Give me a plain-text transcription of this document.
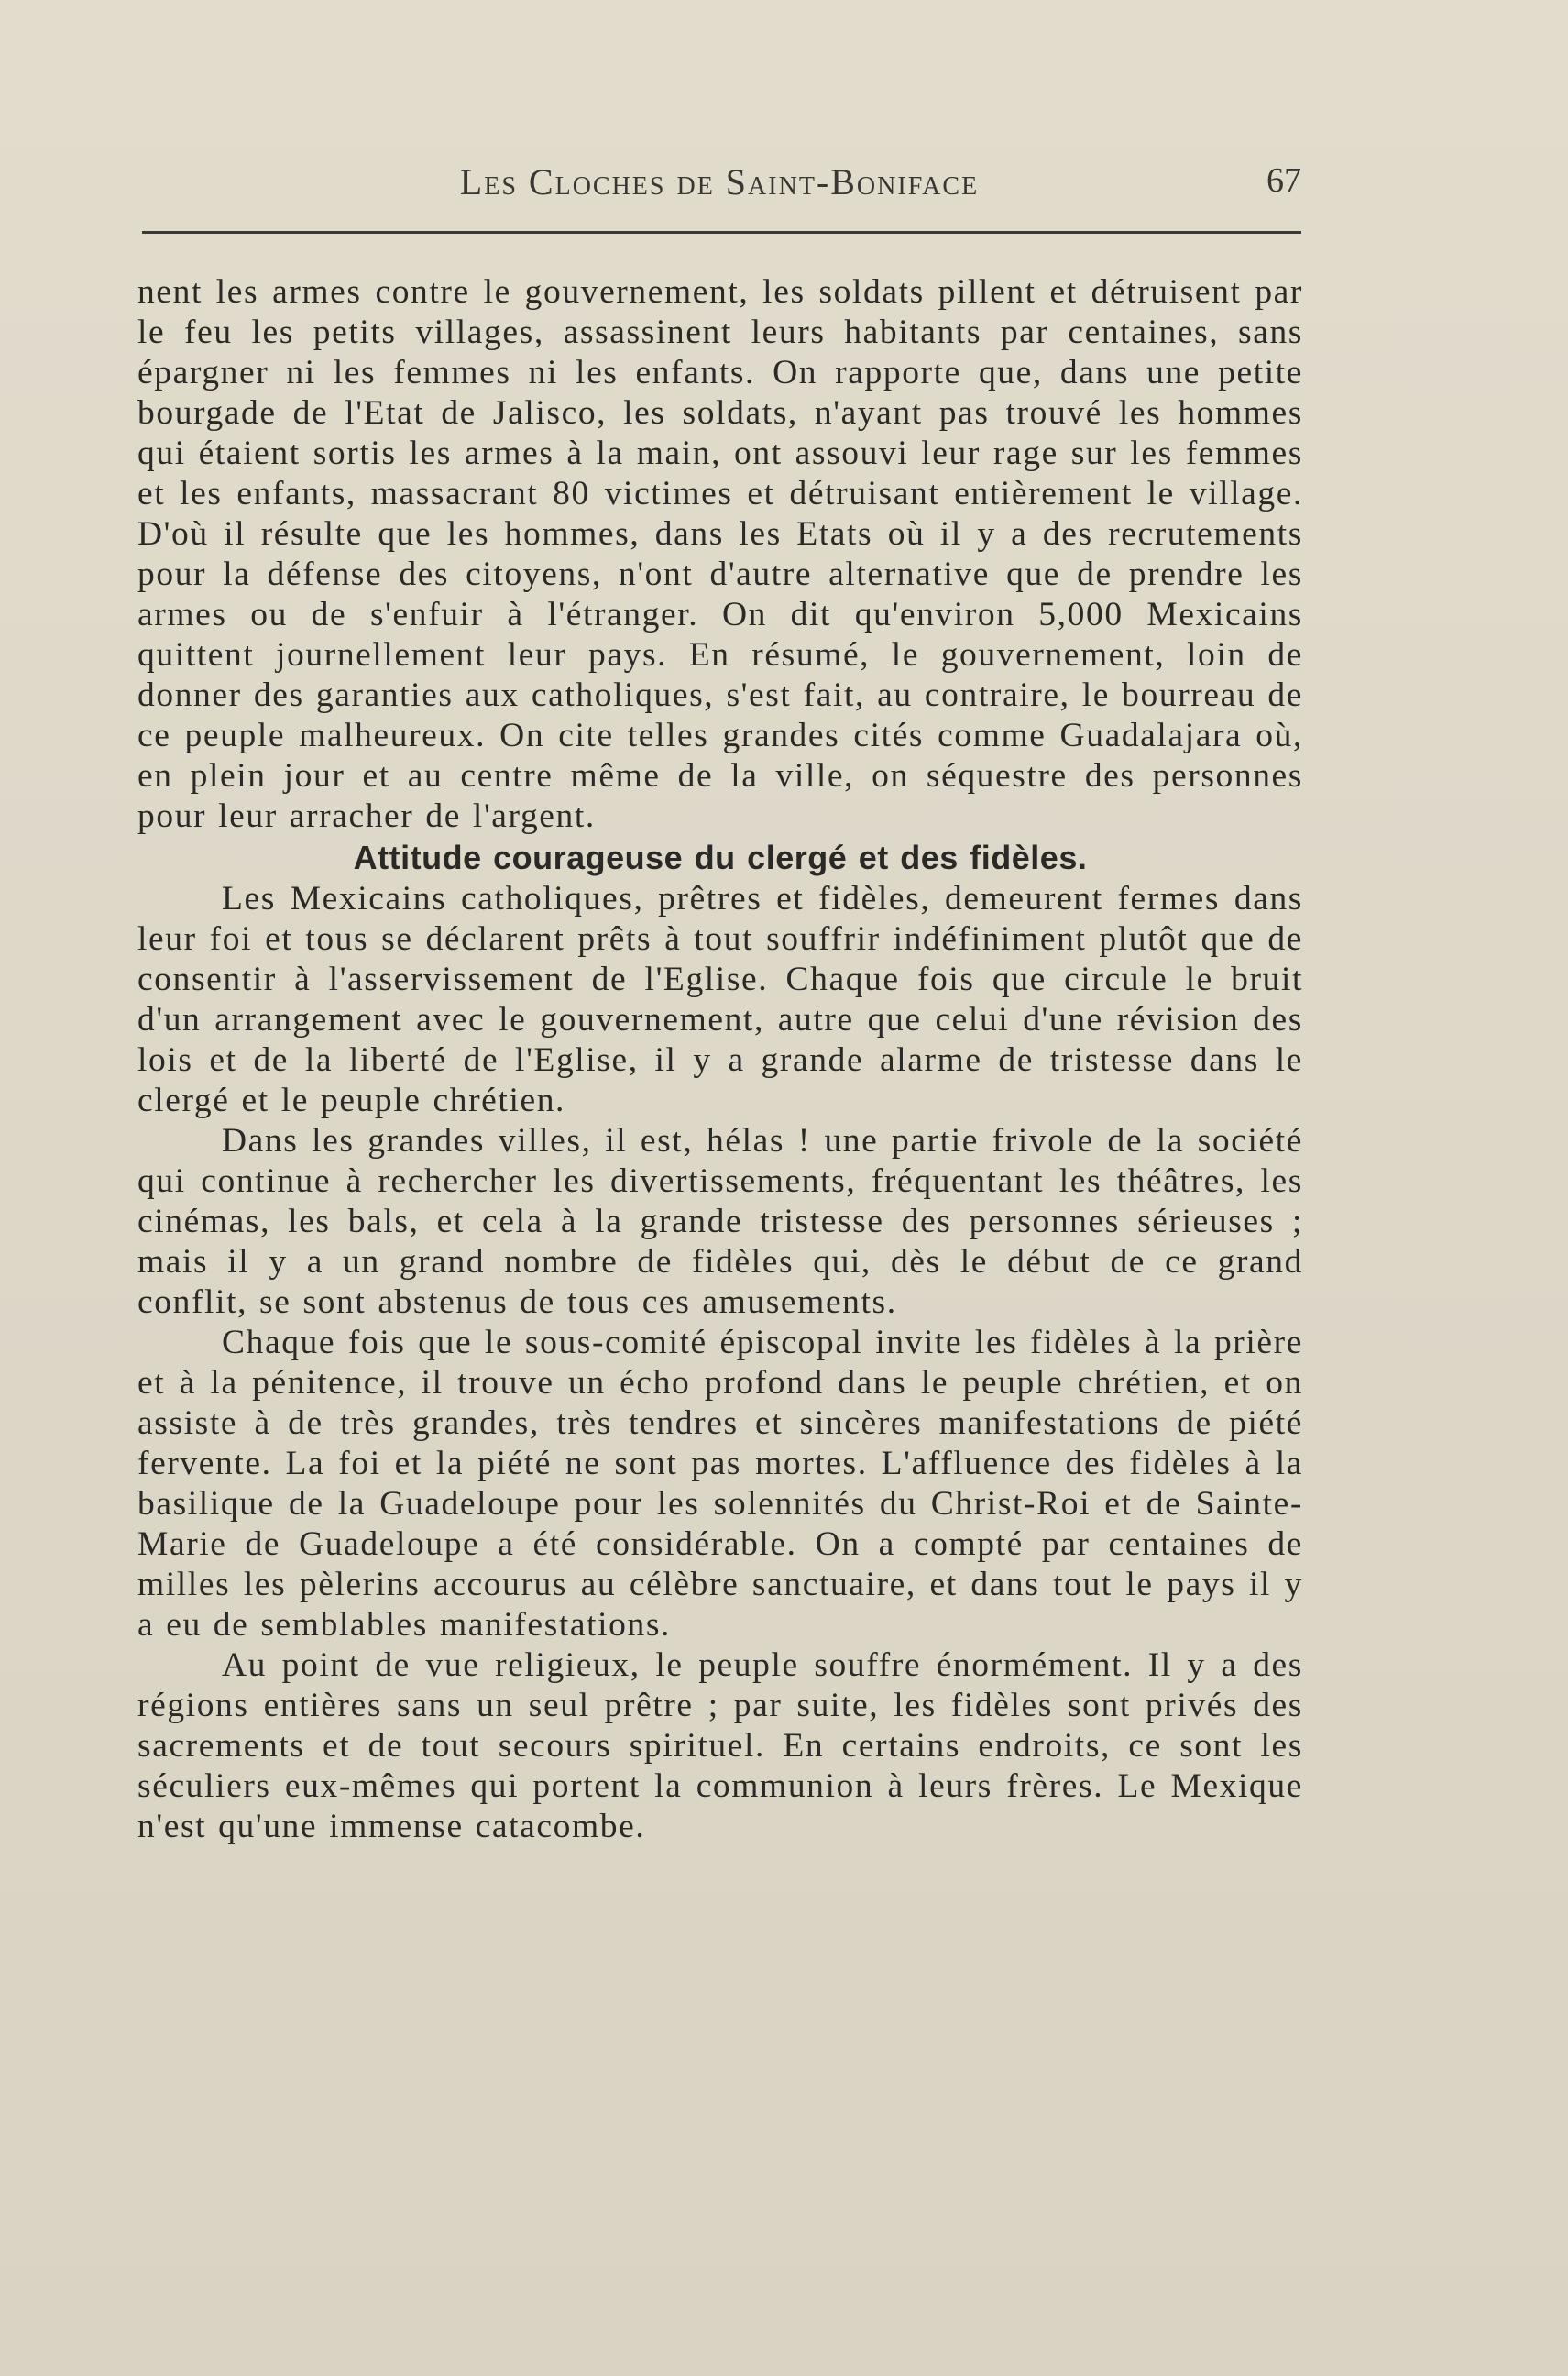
Les Cloches de Saint-Boniface	67

nent les armes contre le gouvernement, les soldats pillent et détruisent par le feu les petits villages, assassinent leurs habitants par centaines, sans épargner ni les femmes ni les enfants. On rapporte que, dans une petite bourgade de l'Etat de Jalisco, les soldats, n'ayant pas trouvé les hommes qui étaient sortis les armes à la main, ont assouvi leur rage sur les femmes et les enfants, massacrant 80 victimes et détruisant entièrement le village. D'où il résulte que les hommes, dans les Etats où il y a des recrutements pour la défense des citoyens, n'ont d'autre alternative que de prendre les armes ou de s'enfuir à l'étranger. On dit qu'environ 5,000 Mexicains quittent journellement leur pays. En résumé, le gouvernement, loin de donner des garanties aux catholiques, s'est fait, au contraire, le bourreau de ce peuple malheureux. On cite telles grandes cités comme Guadalajara où, en plein jour et au centre même de la ville, on séquestre des personnes pour leur arracher de l'argent.

Attitude courageuse du clergé et des fidèles.

Les Mexicains catholiques, prêtres et fidèles, demeurent fermes dans leur foi et tous se déclarent prêts à tout souffrir indéfiniment plutôt que de consentir à l'asservissement de l'Eglise. Chaque fois que circule le bruit d'un arrangement avec le gouvernement, autre que celui d'une révision des lois et de la liberté de l'Eglise, il y a grande alarme de tristesse dans le clergé et le peuple chrétien.

Dans les grandes villes, il est, hélas ! une partie frivole de la société qui continue à rechercher les divertissements, fréquentant les théâtres, les cinémas, les bals, et cela à la grande tristesse des personnes sérieuses ; mais il y a un grand nombre de fidèles qui, dès le début de ce grand conflit, se sont abstenus de tous ces amusements.

Chaque fois que le sous-comité épiscopal invite les fidèles à la prière et à la pénitence, il trouve un écho profond dans le peuple chrétien, et on assiste à de très grandes, très tendres et sincères manifestations de piété fervente. La foi et la piété ne sont pas mortes. L'affluence des fidèles à la basilique de la Guadeloupe pour les solennités du Christ-Roi et de Sainte-Marie de Guadeloupe a été considérable. On a compté par centaines de milles les pèlerins accourus au célèbre sanctuaire, et dans tout le pays il y a eu de semblables manifestations.

Au point de vue religieux, le peuple souffre énormément. Il y a des régions entières sans un seul prêtre ; par suite, les fidèles sont privés des sacrements et de tout secours spirituel. En certains endroits, ce sont les séculiers eux-mêmes qui portent la communion à leurs frères. Le Mexique n'est qu'une immense catacombe.
